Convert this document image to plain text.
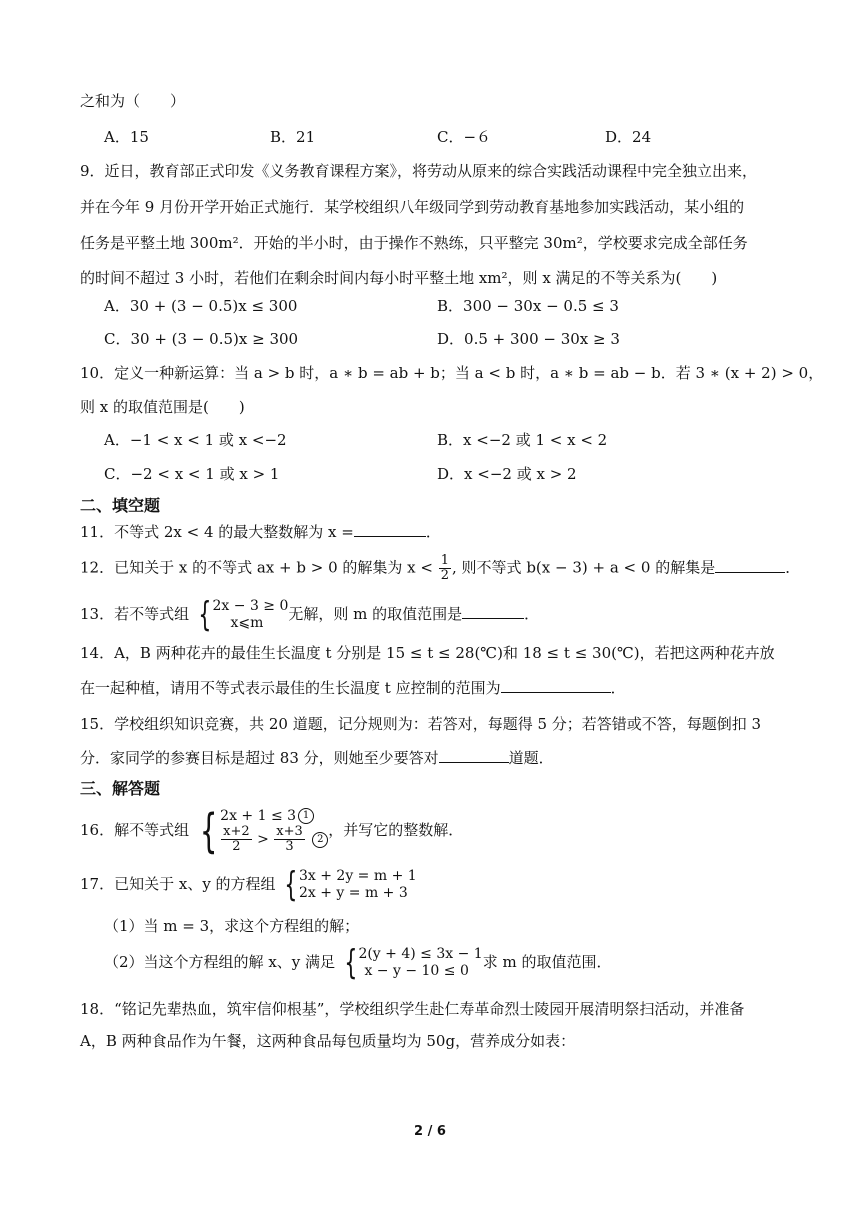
之和为（　　）
A．15	B．21	C．−６	D．24
9．近日，教育部正式印发《义务教育课程方案》，将劳动从原来的综合实践活动课程中完全独立出来，
并在今年 9 月份开学开始正式施行．某学校组织八年级同学到劳动教育基地参加实践活动，某小组的
任务是平整土地 300m²．开始的半小时，由于操作不熟练，只平整完 30m²，学校要求完成全部任务
的时间不超过 3 小时，若他们在剩余时间内每小时平整土地 xm²，则 x 满足的不等关系为(　　)
A．30 + (3 − 0.5)x ≤ 300	B．300 − 30x − 0.5 ≤ 3
C．30 + (3 − 0.5)x ≥ 300	D．0.5 + 300 − 30x ≥ 3
10．定义一种新运算：当 a > b 时，a ∗ b = ab + b；当 a < b 时，a ∗ b = ab − b．若 3 ∗ (x + 2) > 0，
则 x 的取值范围是(　　)
A．−1 < x < 1 或 x <−2	B．x <−2 或 1 < x < 2
C．−2 < x < 1 或 x > 1	D．x <−2 或 x > 2
二、填空题
11．不等式 2x < 4 的最大整数解为 x =	．
12．已知关于 x 的不等式 ax + b > 0 的解集为 $x < \frac{1}{2}$ , 则不等式 b(x − 3) + a < 0 的解集是	．
13．若不等式组 { 2x − 3 ≥ 0
x⩽m	无解，则 m 的取值范围是	．
14．A，B 两种花卉的最佳生长温度 t 分别是 15 ≤ t ≤ 28(℃)和 18 ≤ t ≤ 30(℃)，若把这两种花卉放
在一起种植，请用不等式表示最佳的生长温度 t 应控制的范围为	．
15．学校组织知识竞赛，共 20 道题，记分规则为：若答对，每题得 5 分；若答错或不答，每题倒扣 3
分．家同学的参赛目标是超过 83 分，则她至少要答对	道题．
三、解答题
16．解不等式组 { 2x + 1 ≤ 3 1
$\frac{x+2}{2} > \frac{x+3}{3} 2$ ，并写它的整数解．
17．已知关于 x、y 的方程组 { 3x + 2y = m + 1
2x + y = m + 3
（1）当 m = 3，求这个方程组的解；
（2）当这个方程组的解 x、y 满足 { 2(y + 4) ≤ 3x − 1
x − y − 10 ≤ 0 求 m 的取值范围．
18．“铭记先辈热血，筑牢信仰根基”，学校组织学生赴仁寿革命烈士陵园开展清明祭扫活动，并准备
A，B 两种食品作为午餐，这两种食品每包质量均为 50g，营养成分如表：
2 / 6
